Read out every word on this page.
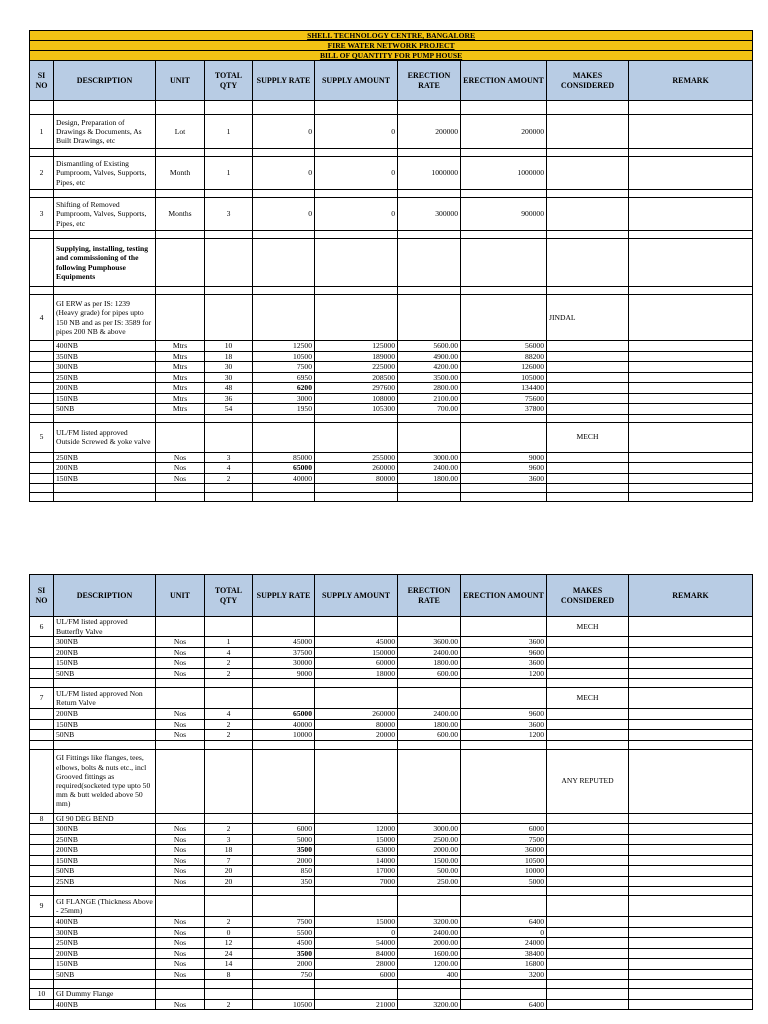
SHELL TECHNOLOGY CENTRE, BANGALORE									
FIRE WATER NETWORK PROJECT									
BILL OF QUANTITY FOR PUMP HOUSE									
SI NO	DESCRIPTION	UNIT	TOTAL QTY	SUPPLY RATE	SUPPLY AMOUNT	ERECTION RATE	ERECTION AMOUNT	MAKES CONSIDERED	REMARK

1	Design, Preparation of Drawings & Documents, As Built Drawings, etc	Lot	1	0	0	200000	200000		

2	Dismantling of Existing Pumproom, Valves, Supports, Pipes, etc	Month	1	0	0	1000000	1000000		

3	Shifting of Removed Pumproom, Valves, Supports, Pipes, etc	Months	3	0	0	300000	900000		

	Supplying, installing, testing and commissioning of the following Pumphouse Equipments								

4	GI ERW as per IS: 1239 (Heavy grade) for pipes upto 150 NB and as per IS: 3589 for pipes 200 NB & above							JINDAL	
	400NB	Mtrs	10	12500	125000	5600.00	56000		
	350NB	Mtrs	18	10500	189000	4900.00	88200		
	300NB	Mtrs	30	7500	225000	4200.00	126000		
	250NB	Mtrs	30	6950	208500	3500.00	105000		
	200NB	Mtrs	48	6200	297600	2800.00	134400		
	150NB	Mtrs	36	3000	108000	2100.00	75600		
	50NB	Mtrs	54	1950	105300	700.00	37800		

5	UL/FM listed approved Outside Screwed & yoke valve							MECH	
	250NB	Nos	3	85000	255000	3000.00	9000		
	200NB	Nos	4	65000	260000	2400.00	9600		
	150NB	Nos	2	40000	80000	1800.00	3600		

SI NO	DESCRIPTION	UNIT	TOTAL QTY	SUPPLY RATE	SUPPLY AMOUNT	ERECTION RATE	ERECTION AMOUNT	MAKES CONSIDERED	REMARK
6	UL/FM listed approved Butterfly Valve							MECH	
	300NB	Nos	1	45000	45000	3600.00	3600		
	200NB	Nos	4	37500	150000	2400.00	9600		
	150NB	Nos	2	30000	60000	1800.00	3600		
	50NB	Nos	2	9000	18000	600.00	1200		

7	UL/FM listed approved Non Return Valve							MECH	
	200NB	Nos	4	65000	260000	2400.00	9600		
	150NB	Nos	2	40000	80000	1800.00	3600		
	50NB	Nos	2	10000	20000	600.00	1200		

	GI Fittings like flanges, tees, elbows, bolts & nuts etc., incl Grooved fittings as required(socketed type upto 50 mm & butt welded above 50 mm)							ANY REPUTED	
8	GI 90 DEG BEND								
	300NB	Nos	2	6000	12000	3000.00	6000		
	250NB	Nos	3	5000	15000	2500.00	7500		
	200NB	Nos	18	3500	63000	2000.00	36000		
	150NB	Nos	7	2000	14000	1500.00	10500		
	50NB	Nos	20	850	17000	500.00	10000		
	25NB	Nos	20	350	7000	250.00	5000		

9	GI FLANGE (Thickness Above - 25mm)								
	400NB	Nos	2	7500	15000	3200.00	6400		
	300NB	Nos	0	5500	0	2400.00	0		
	250NB	Nos	12	4500	54000	2000.00	24000		
	200NB	Nos	24	3500	84000	1600.00	38400		
	150NB	Nos	14	2000	28000	1200.00	16800		
	50NB	Nos	8	750	6000	400	3200		

10	GI Dummy Flange								
	400NB	Nos	2	10500	21000	3200.00	6400		
